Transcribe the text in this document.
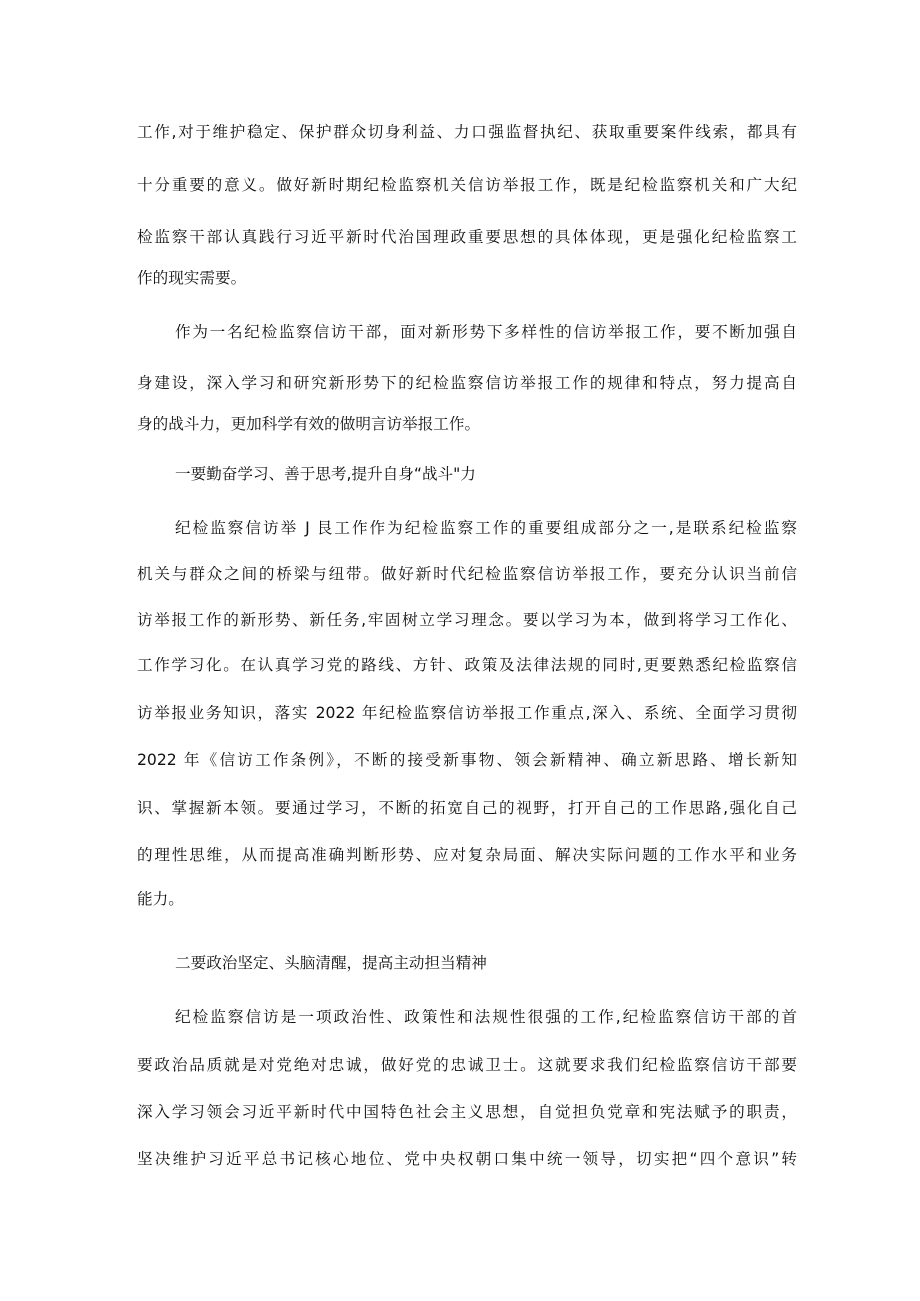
工作,对于维护稳定、保护群众切身利益、力口强监督执纪、获取重要案件线索，都具有
十分重要的意义。做好新时期纪检监察机关信访举报工作，既是纪检监察机关和广大纪
检监察干部认真践行习近平新时代治国理政重要思想的具体体现，更是强化纪检监察工
作的现实需要。
作为一名纪检监察信访干部，面对新形势下多样性的信访举报工作，要不断加强自
身建设，深入学习和研究新形势下的纪检监察信访举报工作的规律和特点，努力提高自
身的战斗力，更加科学有效的做明言访举报工作。
一要勤奋学习、善于思考,提升自身“战斗"力
纪检监察信访举 J 艮工作作为纪检监察工作的重要组成部分之一,是联系纪检监察
机关与群众之间的桥梁与纽带。做好新时代纪检监察信访举报工作，要充分认识当前信
访举报工作的新形势、新任务,牢固树立学习理念。要以学习为本，做到将学习工作化、
工作学习化。在认真学习党的路线、方针、政策及法律法规的同时,更要熟悉纪检监察信
访举报业务知识，落实 2022 年纪检监察信访举报工作重点,深入、系统、全面学习贯彻
2022 年《信访工作条例》，不断的接受新事物、领会新精神、确立新思路、增长新知
识、掌握新本领。要通过学习，不断的拓宽自己的视野，打开自己的工作思路,强化自己
的理性思维，从而提高准确判断形势、应对复杂局面、解决实际问题的工作水平和业务
能力。
二要政治坚定、头脑清醒，提高主动担当精神
纪检监察信访是一项政治性、政策性和法规性很强的工作,纪检监察信访干部的首
要政治品质就是对党绝对忠诚，做好党的忠诚卫士。这就要求我们纪检监察信访干部要
深入学习领会习近平新时代中国特色社会主义思想，自觉担负党章和宪法赋予的职责，
坚决维护习近平总书记核心地位、党中央权朝口集中统一领导，切实把“四个意识”转
